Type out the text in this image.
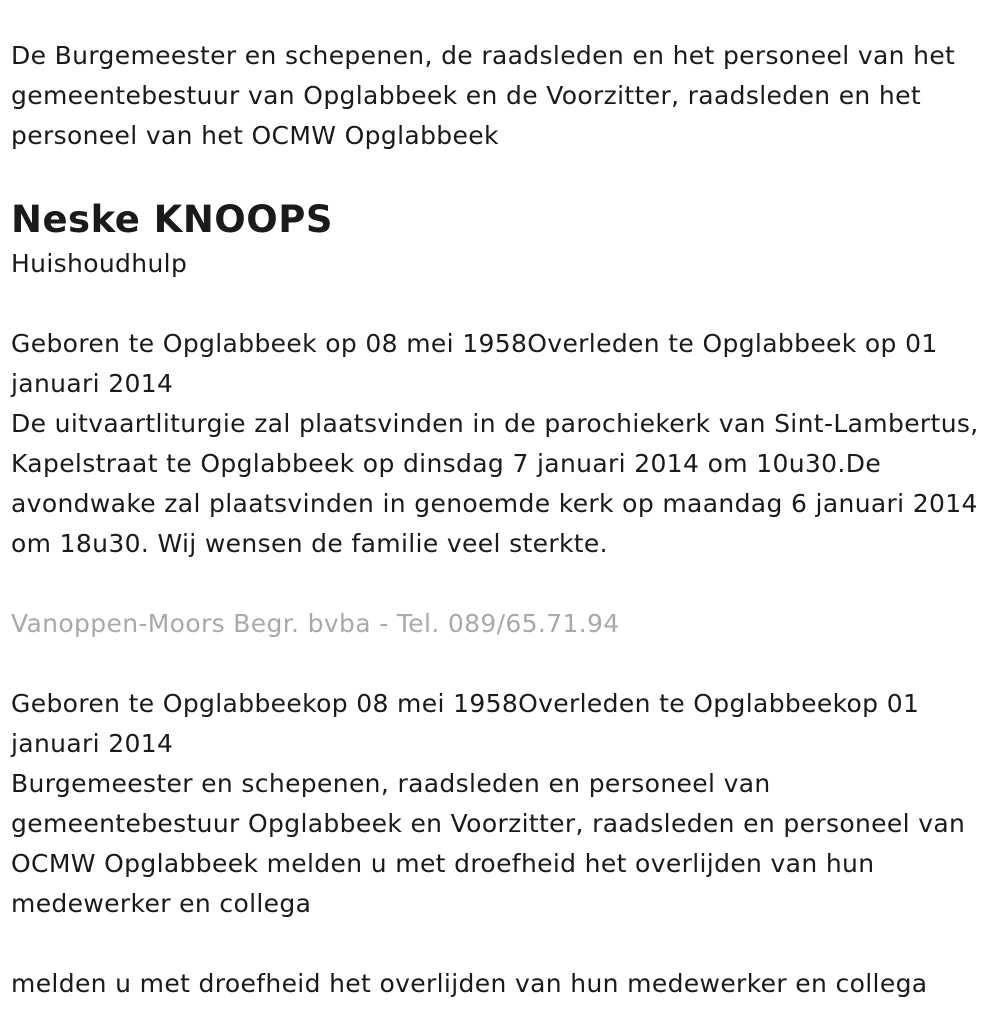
De Burgemeester en schepenen, de raadsleden en het personeel van het gemeentebestuur van Opglabbeek en de Voorzitter, raadsleden en het personeel van het OCMW Opglabbeek

Neske KNOOPS

Huishoudhulp

Geboren te Opglabbeek op 08 mei 1958Overleden te Opglabbeek op 01 januari 2014

De uitvaartliturgie zal plaatsvinden in de parochiekerk van Sint-Lambertus, Kapelstraat te Opglabbeek op dinsdag 7 januari 2014 om 10u30.De avondwake zal plaatsvinden in genoemde kerk op maandag 6 januari 2014 om 18u30. Wij wensen de familie veel sterkte.

Vanoppen-Moors Begr. bvba - Tel. 089/65.71.94

Geboren te Opglabbeekop 08 mei 1958Overleden te Opglabbeekop 01 januari 2014

Burgemeester en schepenen, raadsleden en personeel van gemeentebestuur Opglabbeek en Voorzitter, raadsleden en personeel van OCMW Opglabbeek melden u met droefheid het overlijden van hun medewerker en collega

melden u met droefheid het overlijden van hun medewerker en collega
